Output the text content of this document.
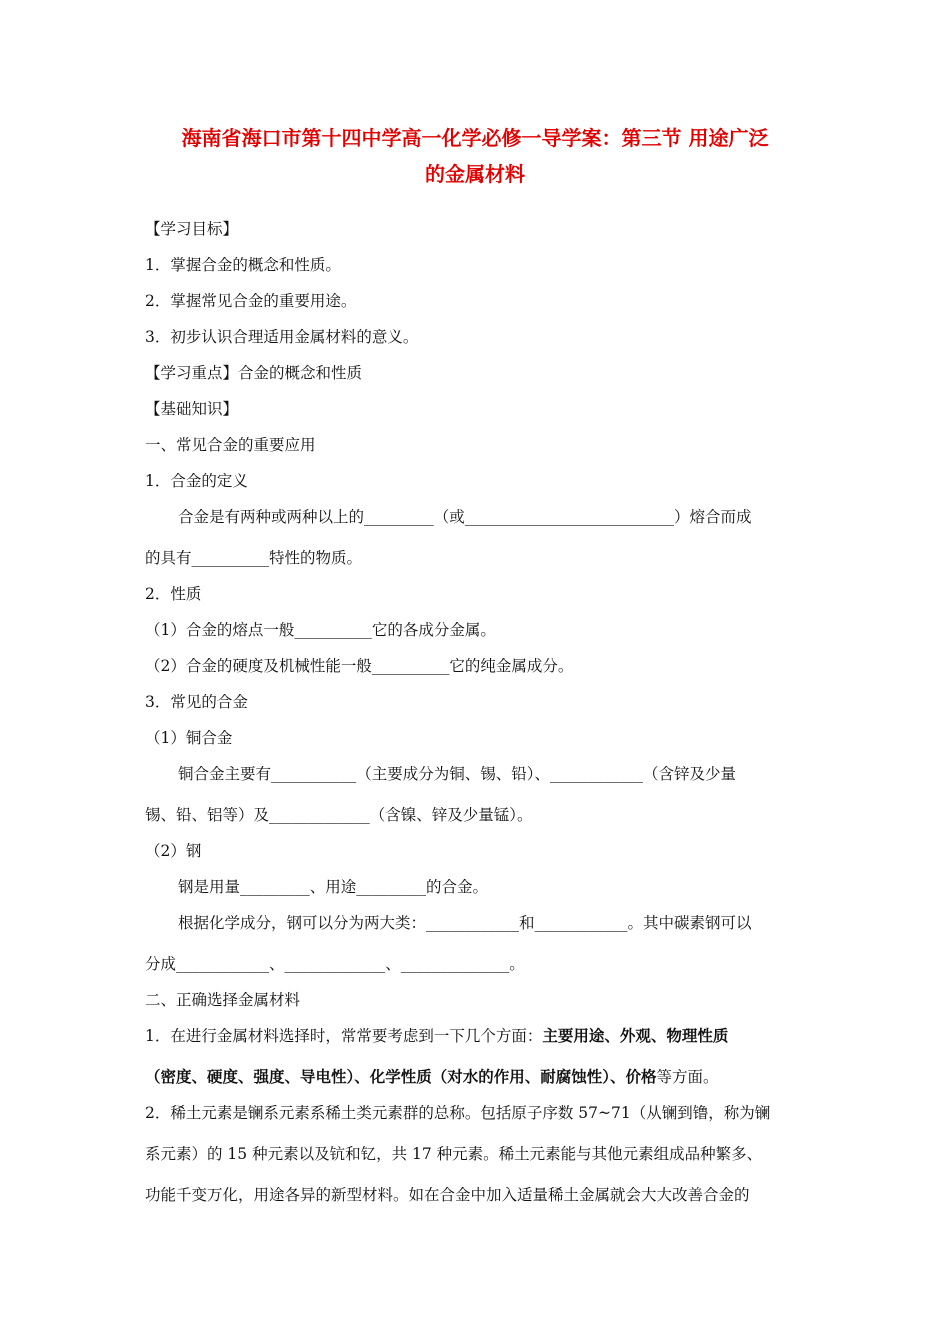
海南省海口市第十四中学高一化学必修一导学案：第三节 用途广泛
的金属材料

【学习目标】

1．掌握合金的概念和性质。

2．掌握常见合金的重要用途。

3．初步认识合理适用金属材料的意义。

【学习重点】合金的概念和性质

【基础知识】

一、常见合金的重要应用

1．合金的定义

合金是有两种或两种以上的_________（或___________________________）熔合而成

的具有__________特性的物质。

2．性质

（1）合金的熔点一般__________它的各成分金属。

（2）合金的硬度及机械性能一般__________它的纯金属成分。

3．常见的合金

（1）铜合金

铜合金主要有___________（主要成分为铜、锡、铅）、____________（含锌及少量

锡、铅、铝等）及_____________（含镍、锌及少量锰）。

（2）钢

钢是用量_________、用途_________的合金。

根据化学成分，钢可以分为两大类：____________和____________。其中碳素钢可以

分成____________、_____________、______________。

二、正确选择金属材料

1．在进行金属材料选择时，常常要考虑到一下几个方面：主要用途、外观、物理性质

（密度、硬度、强度、导电性）、化学性质（对水的作用、耐腐蚀性）、价格等方面。

2．稀土元素是镧系元素系稀土类元素群的总称。包括原子序数 57~71（从镧到镥，称为镧

系元素）的 15 种元素以及钪和钇，共 17 种元素。稀土元素能与其他元素组成品种繁多、

功能千变万化，用途各异的新型材料。如在合金中加入适量稀土金属就会大大改善合金的
